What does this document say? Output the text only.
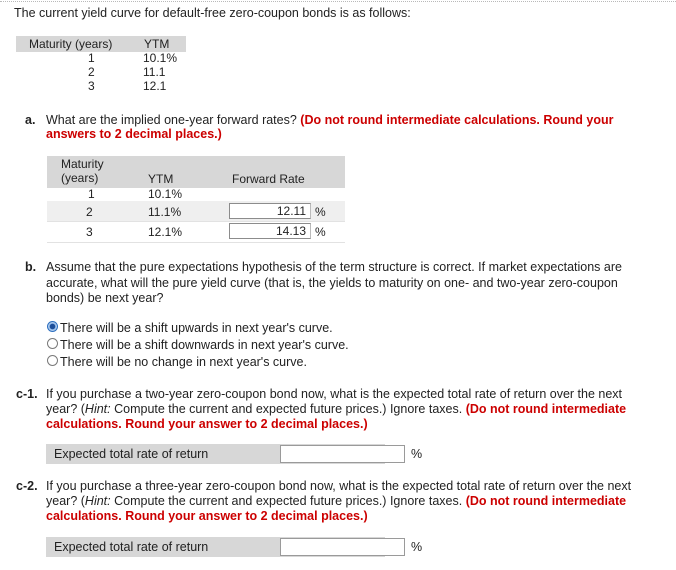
The current yield curve for default-free zero-coupon bonds is as follows:
Maturity (years)	YTM
1	10.1%
2	11.1
3	12.1
a. What are the implied one-year forward rates? (Do not round intermediate calculations. Round your answers to 2 decimal places.)
Maturity (years)	YTM	Forward Rate
1	10.1%
2	11.1%	12.11 %
3	12.1%	14.13 %
b. Assume that the pure expectations hypothesis of the term structure is correct. If market expectations are accurate, what will the pure yield curve (that is, the yields to maturity on one- and two-year zero-coupon bonds) be next year?
There will be a shift upwards in next year's curve.
There will be a shift downwards in next year's curve.
There will be no change in next year's curve.
c-1. If you purchase a two-year zero-coupon bond now, what is the expected total rate of return over the next year? (Hint: Compute the current and expected future prices.) Ignore taxes. (Do not round intermediate calculations. Round your answer to 2 decimal places.)
Expected total rate of return	%
c-2. If you purchase a three-year zero-coupon bond now, what is the expected total rate of return over the next year? (Hint: Compute the current and expected future prices.) Ignore taxes. (Do not round intermediate calculations. Round your answer to 2 decimal places.)
Expected total rate of return	%
